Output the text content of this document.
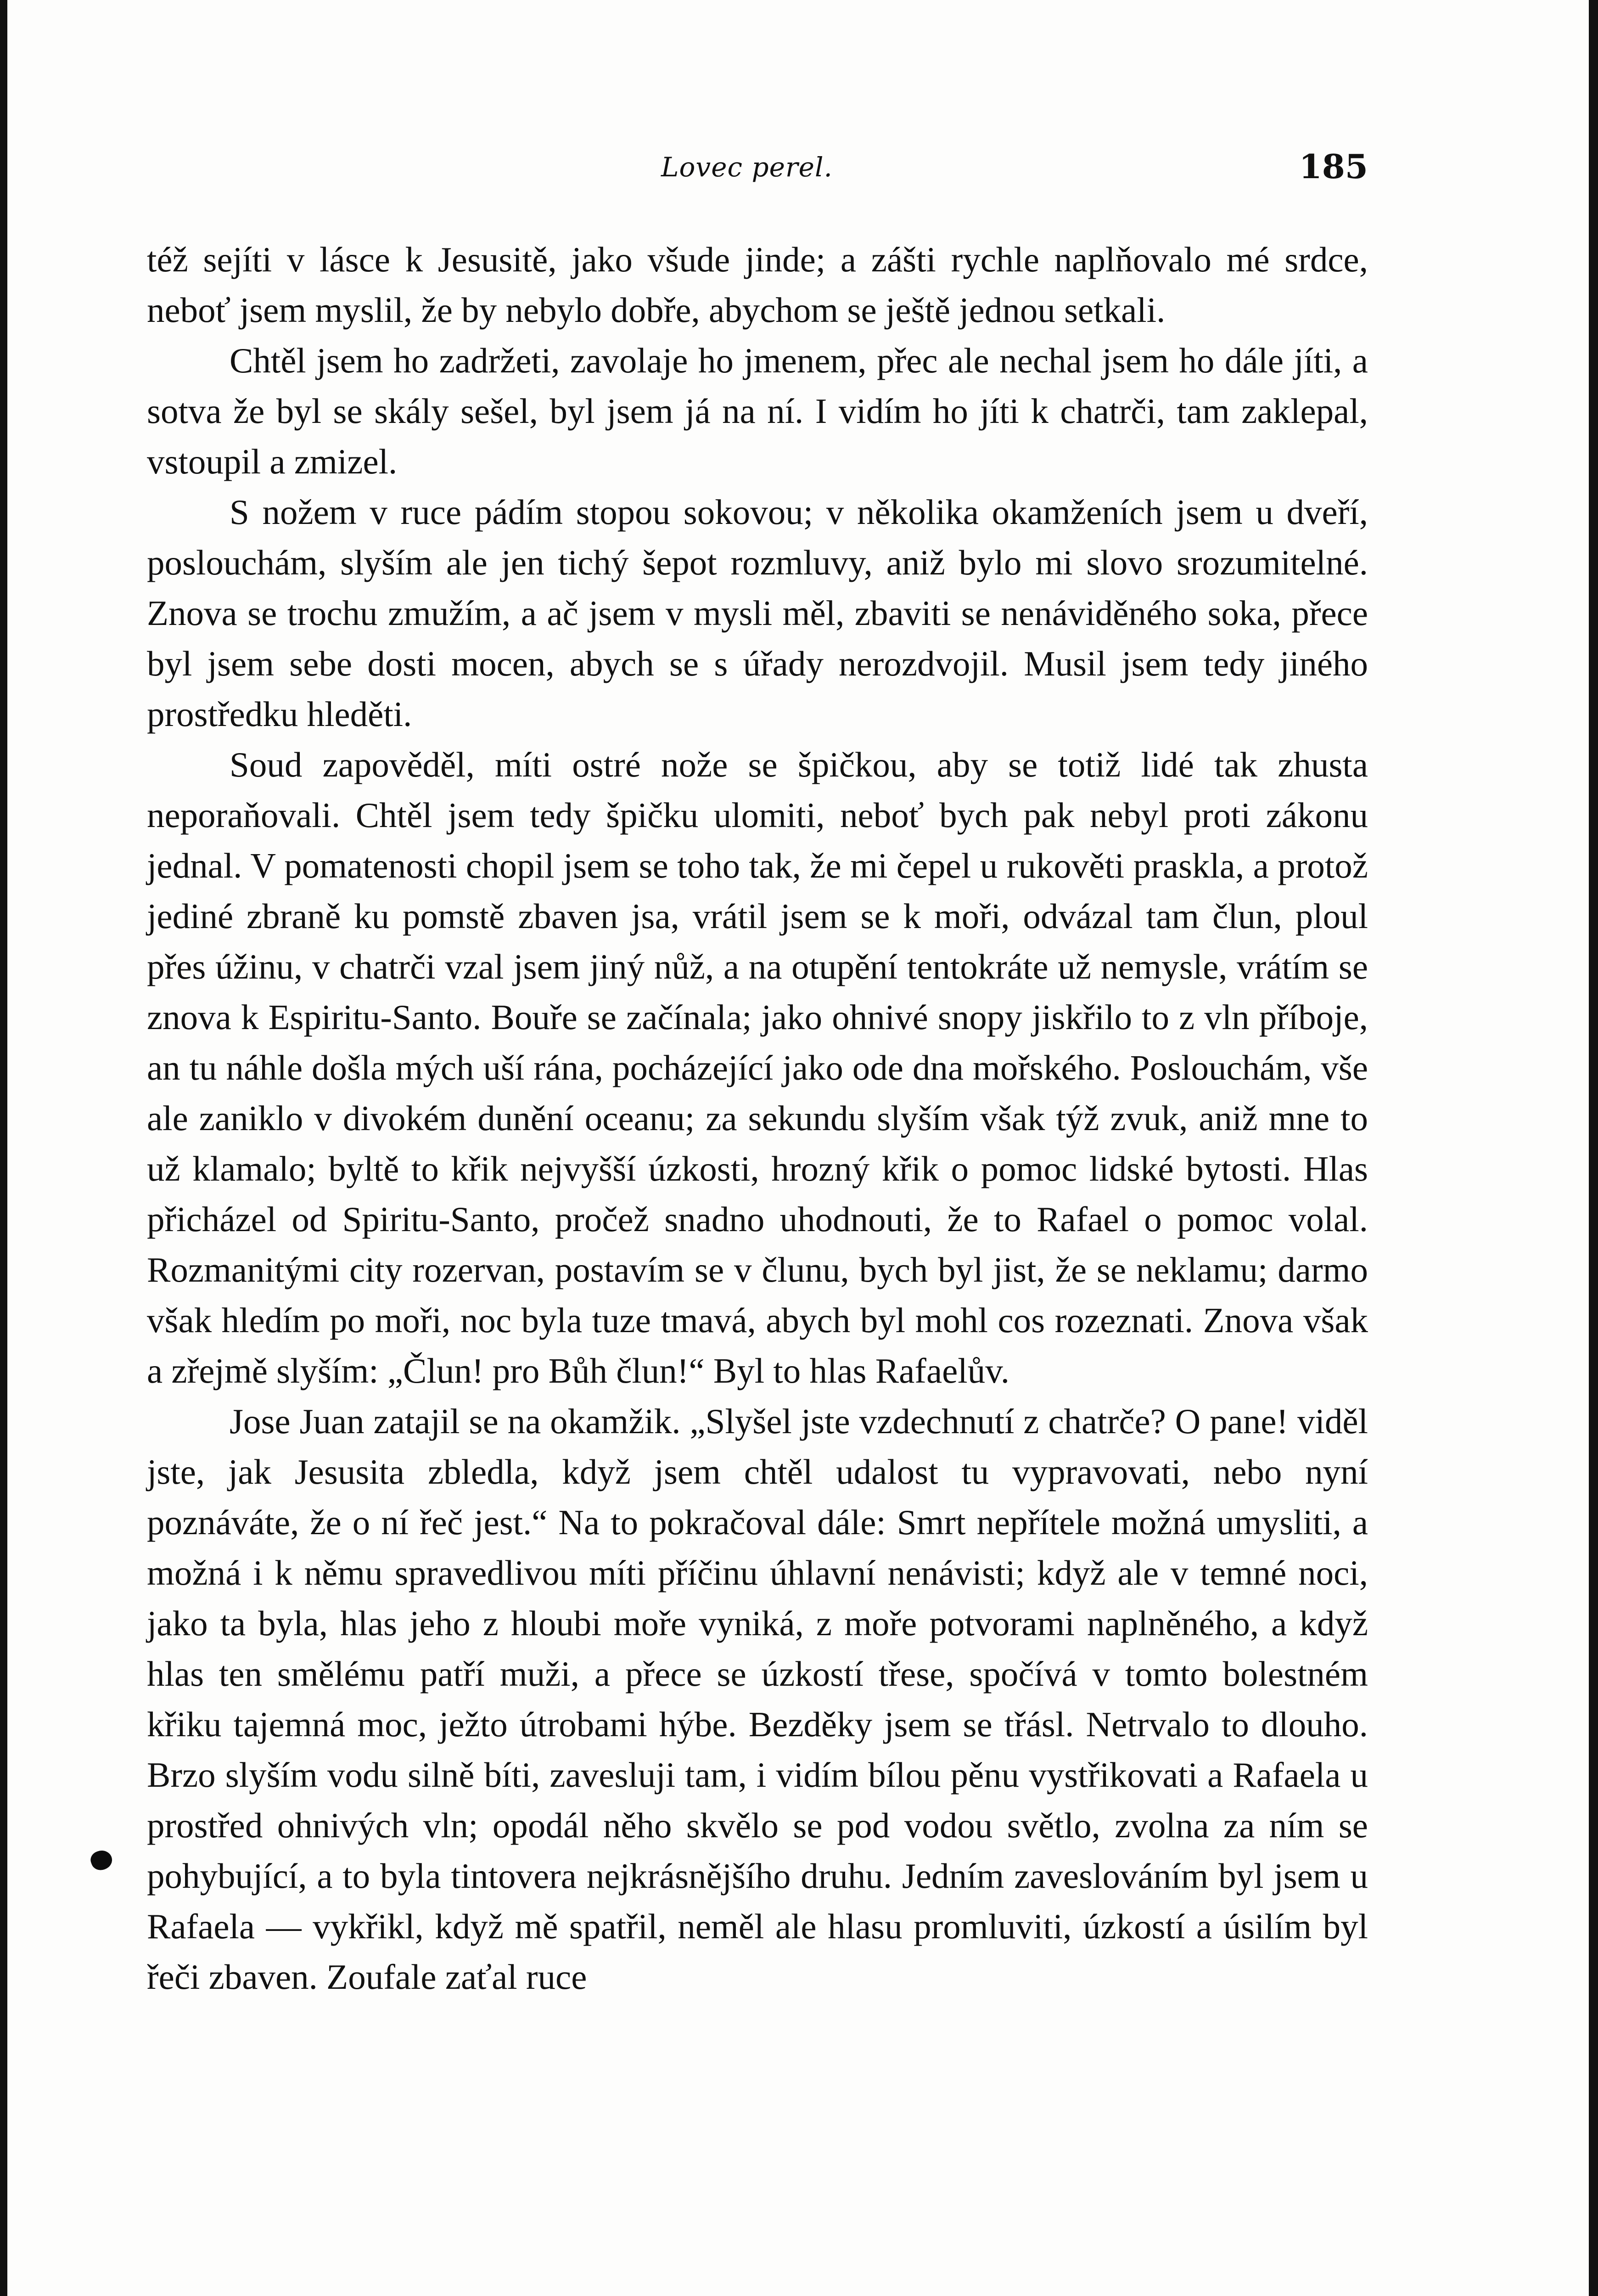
Lovec perel.	185

též sejíti v lásce k Jesusitě, jako všude jinde; a zášti rychle naplňovalo mé srdce, neboť jsem myslil, že by nebylo dobře, abychom se ještě jednou setkali.

Chtěl jsem ho zadržeti, zavolaje ho jmenem, přec ale nechal jsem ho dále jíti, a sotva že byl se skály sešel, byl jsem já na ní. I vidím ho jíti k chatrči, tam zaklepal, vstoupil a zmizel.

S nožem v ruce pádím stopou sokovou; v několika okamženích jsem u dveří, poslouchám, slyším ale jen tichý šepot rozmluvy, aniž bylo mi slovo srozumitelné. Znova se trochu zmužím, a ač jsem v mysli měl, zbaviti se nenáviděného soka, přece byl jsem sebe dosti mocen, abych se s úřady nerozdvojil. Musil jsem tedy jiného prostředku hleděti.

Soud zapověděl, míti ostré nože se špičkou, aby se totiž lidé tak zhusta neporaňovali. Chtěl jsem tedy špičku ulomiti, neboť bych pak nebyl proti zákonu jednal. V pomatenosti chopil jsem se toho tak, že mi čepel u rukověti praskla, a protož jediné zbraně ku pomstě zbaven jsa, vrátil jsem se k moři, odvázal tam člun, ploul přes úžinu, v chatrči vzal jsem jiný nůž, a na otupění tentokráte už nemysle, vrátím se znova k Espiritu-Santo. Bouře se začínala; jako ohnivé snopy jiskřilo to z vln příboje, an tu náhle došla mých uší rána, pocházející jako ode dna mořského. Poslouchám, vše ale zaniklo v divokém dunění oceanu; za sekundu slyším však týž zvuk, aniž mne to už klamalo; byltě to křik nejvyšší úzkosti, hrozný křik o pomoc lidské bytosti. Hlas přicházel od Spiritu-Santo, pročež snadno uhodnouti, že to Rafael o pomoc volal. Rozmanitými city rozervan, postavím se v člunu, bych byl jist, že se neklamu; darmo však hledím po moři, noc byla tuze tmavá, abych byl mohl cos rozeznati. Znova však a zřejmě slyším: „Člun! pro Bůh člun!“ Byl to hlas Rafaelův.

Jose Juan zatajil se na okamžik. „Slyšel jste vzdechnutí z chatrče? O pane! viděl jste, jak Jesusita zbledla, když jsem chtěl udalost tu vypravovati, nebo nyní poznáváte, že o ní řeč jest.“ Na to pokračoval dále: Smrt nepřítele možná umysliti, a možná i k němu spravedlivou míti příčinu úhlavní nenávisti; když ale v temné noci, jako ta byla, hlas jeho z hloubi moře vyniká, z moře potvorami naplněného, a když hlas ten smělému patří muži, a přece se úzkostí třese, spočívá v tomto bolestném křiku tajemná moc, ježto útrobami hýbe. Bezděky jsem se třásl. Netrvalo to dlouho. Brzo slyším vodu silně bíti, zavesluji tam, i vidím bílou pěnu vystřikovati a Rafaela u prostřed ohnivých vln; opodál něho skvělo se pod vodou světlo, zvolna za ním se pohybující, a to byla tintovera nejkrásnějšího druhu. Jedním zaveslováním byl jsem u Rafaela — vykřikl, když mě spatřil, neměl ale hlasu promluviti, úzkostí a úsilím byl řeči zbaven. Zoufale zaťal ruce
